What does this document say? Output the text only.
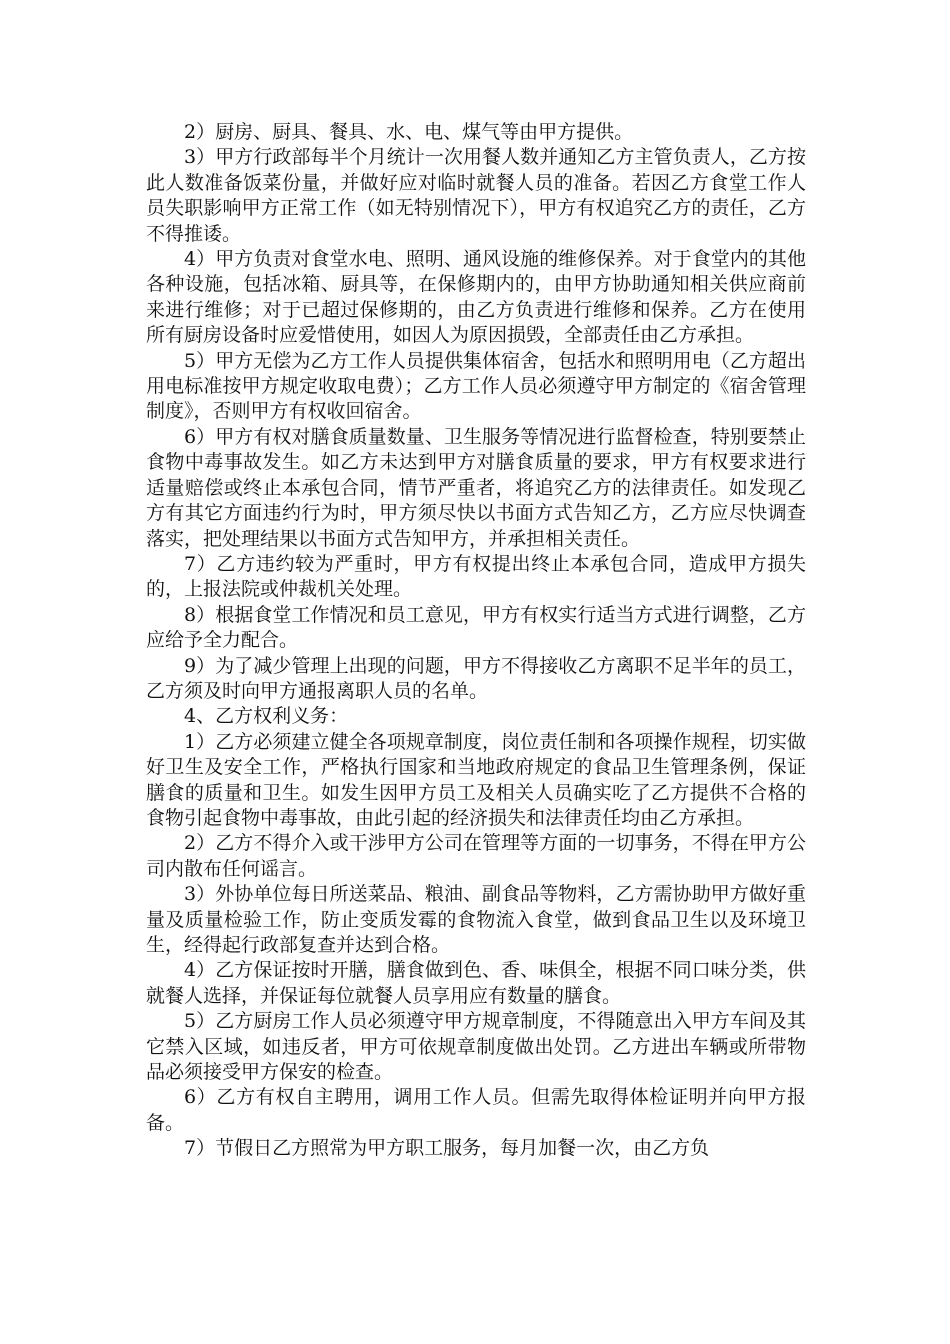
2）厨房、厨具、餐具、水、电、煤气等由甲方提供。

3）甲方行政部每半个月统计一次用餐人数并通知乙方主管负责人，乙方按此人数准备饭菜份量，并做好应对临时就餐人员的准备。若因乙方食堂工作人员失职影响甲方正常工作（如无特别情况下），甲方有权追究乙方的责任，乙方不得推诿。

4）甲方负责对食堂水电、照明、通风设施的维修保养。对于食堂内的其他各种设施，包括冰箱、厨具等，在保修期内的，由甲方协助通知相关供应商前来进行维修；对于已超过保修期的，由乙方负责进行维修和保养。乙方在使用所有厨房设备时应爱惜使用，如因人为原因损毁，全部责任由乙方承担。

5）甲方无偿为乙方工作人员提供集体宿舍，包括水和照明用电（乙方超出用电标准按甲方规定收取电费）；乙方工作人员必须遵守甲方制定的《宿舍管理制度》，否则甲方有权收回宿舍。

6）甲方有权对膳食质量数量、卫生服务等情况进行监督检查，特别要禁止食物中毒事故发生。如乙方未达到甲方对膳食质量的要求，甲方有权要求进行适量赔偿或终止本承包合同，情节严重者，将追究乙方的法律责任。如发现乙方有其它方面违约行为时，甲方须尽快以书面方式告知乙方，乙方应尽快调查落实，把处理结果以书面方式告知甲方，并承担相关责任。

7）乙方违约较为严重时，甲方有权提出终止本承包合同，造成甲方损失的，上报法院或仲裁机关处理。

8）根据食堂工作情况和员工意见，甲方有权实行适当方式进行调整，乙方应给予全力配合。

9）为了减少管理上出现的问题，甲方不得接收乙方离职不足半年的员工，乙方须及时向甲方通报离职人员的名单。

4、乙方权利义务：

1）乙方必须建立健全各项规章制度，岗位责任制和各项操作规程，切实做好卫生及安全工作，严格执行国家和当地政府规定的食品卫生管理条例，保证膳食的质量和卫生。如发生因甲方员工及相关人员确实吃了乙方提供不合格的食物引起食物中毒事故，由此引起的经济损失和法律责任均由乙方承担。

2）乙方不得介入或干涉甲方公司在管理等方面的一切事务，不得在甲方公司内散布任何谣言。

3）外协单位每日所送菜品、粮油、副食品等物料，乙方需协助甲方做好重量及质量检验工作，防止变质发霉的食物流入食堂，做到食品卫生以及环境卫生，经得起行政部复查并达到合格。

4）乙方保证按时开膳，膳食做到色、香、味俱全，根据不同口味分类，供就餐人选择，并保证每位就餐人员享用应有数量的膳食。

5）乙方厨房工作人员必须遵守甲方规章制度，不得随意出入甲方车间及其它禁入区域，如违反者，甲方可依规章制度做出处罚。乙方进出车辆或所带物品必须接受甲方保安的检查。

6）乙方有权自主聘用，调用工作人员。但需先取得体检证明并向甲方报备。

7）节假日乙方照常为甲方职工服务，每月加餐一次，由乙方负
